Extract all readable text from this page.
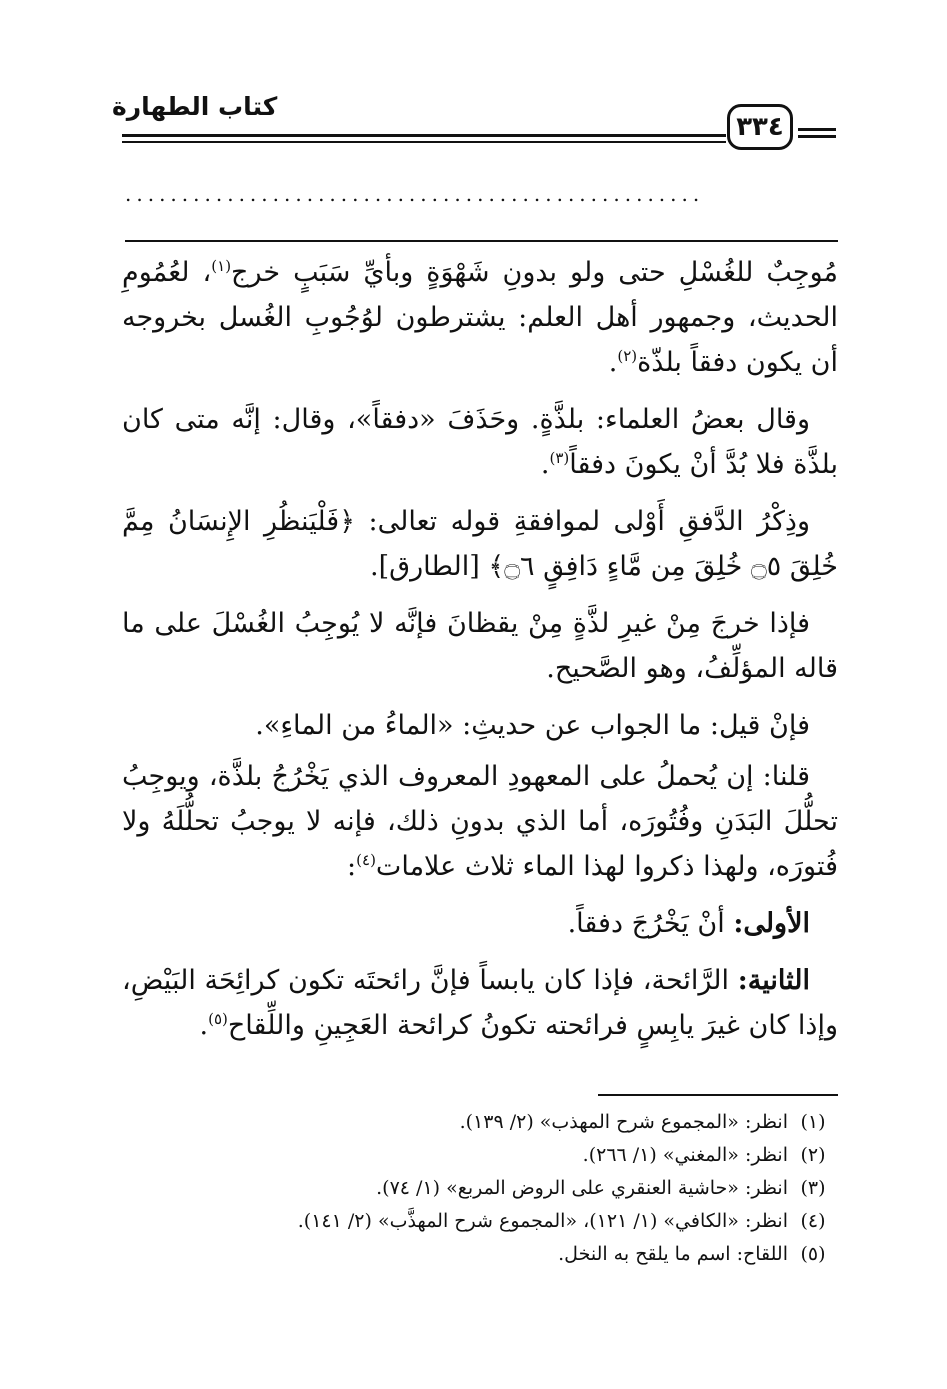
كتاب الطهارة
٣٣٤
...................................................

مُوجِبٌ للغُسْلِ حتى ولو بدونِ شَهْوَةٍ وبأيِّ سَبَبٍ خرج$^{(١)}$، لعُمُومِ الحديث، وجمهور أهل العلم: يشترطون لوُجُوبِ الغُسل بخروجه أن يكون دفقاً بلذّة$^{(٢)}$.

وقال بعضُ العلماء: بلذَّةٍ. وحَذَفَ «دفقاً»، وقال: إنَّه متى كان بلذَّة فلا بُدَّ أنْ يكونَ دفقاً$^{(٣)}$.

وذِكْرُ الدَّفقِ أَوْلى لموافقةِ قوله تعالى: ﴿فَلْيَنظُرِ الإِنسَانُ مِمَّ خُلِقَ ۝٥ خُلِقَ مِن مَّاءٍ دَافِقٍ ۝٦﴾ [الطارق].

فإذا خرجَ مِنْ غيرِ لذَّةٍ مِنْ يقظانَ فإنَّه لا يُوجِبُ الغُسْلَ على ما قاله المؤلِّفُ، وهو الصَّحيح.

فإنْ قيل: ما الجواب عن حديثِ: «الماءُ من الماءِ».

قلنا: إن يُحملُ على المعهودِ المعروف الذي يَخْرُجُ بلذَّة، ويوجِبُ تحلُّلَ البَدَنِ وفُتُورَه، أما الذي بدونِ ذلك، فإنه لا يوجبُ تحلُّلَهُ ولا فُتورَه، ولهذا ذكروا لهذا الماء ثلاث علامات$^{(٤)}$:

الأولى: أنْ يَخْرُجَ دفقاً.

الثانية: الرَّائحة، فإذا كان يابساً فإنَّ رائحتَه تكون كرائِحَة البَيْضِ، وإذا كان غيرَ يابِسٍ فرائحته تكونُ كرائحة العَجِينِ واللِّقاح$^{(٥)}$.

(١)
انظر: «المجموع شرح المهذب» (٢/ ١٣٩).
(٢)
انظر: «المغني» (١/ ٢٦٦).
(٣)
انظر: «حاشية العنقري على الروض المربع» (١/ ٧٤).
(٤)
انظر: «الكافي» (١/ ١٢١)، «المجموع شرح المهذَّب» (٢/ ١٤١).
(٥)
اللقاح: اسم ما يلقح به النخل.
